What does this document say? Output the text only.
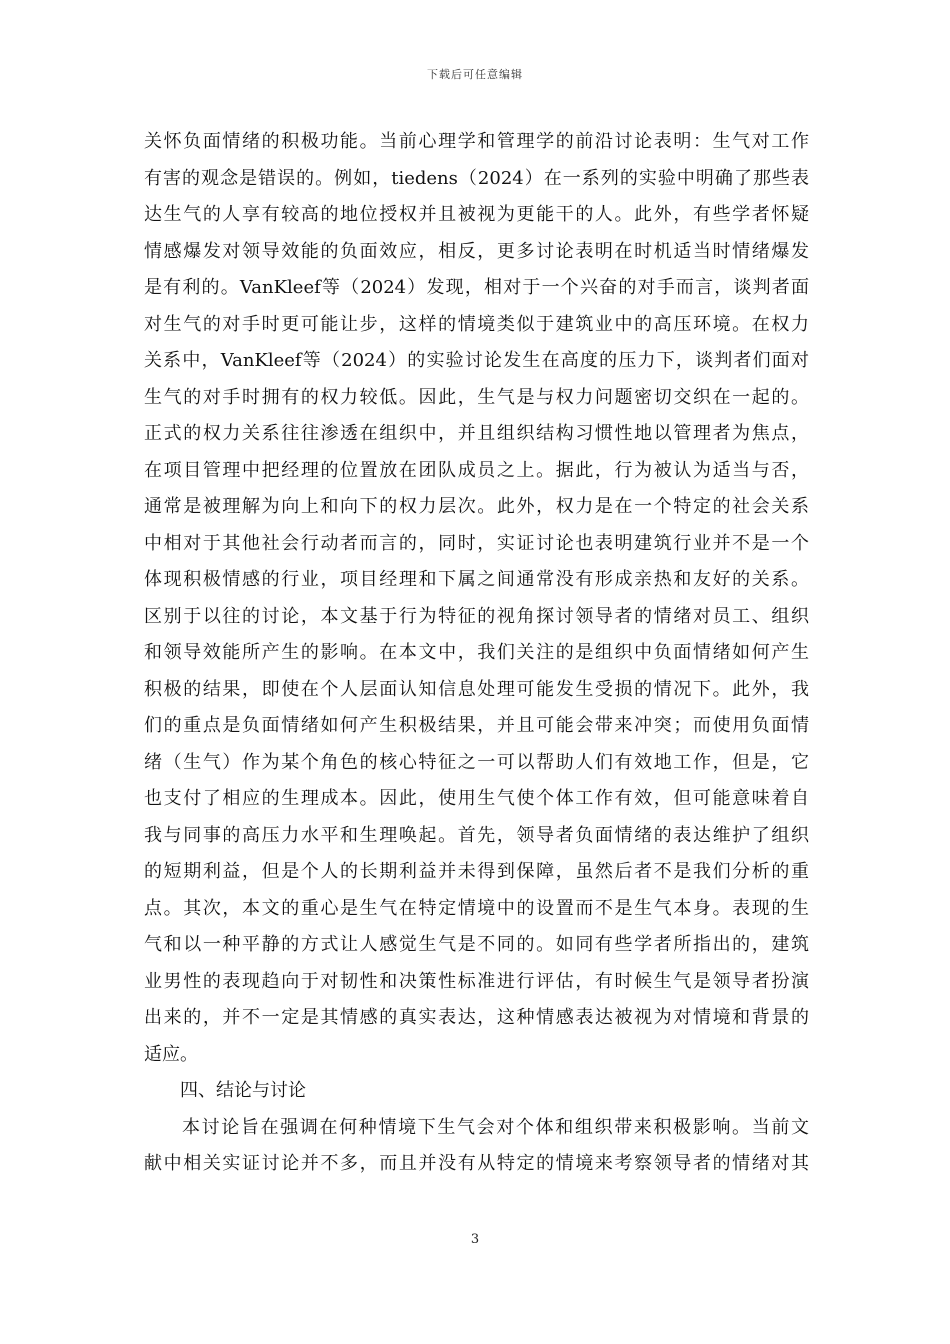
下载后可任意编辑
关怀负面情绪的积极功能。当前心理学和管理学的前沿讨论表明：生气对工作
有害的观念是错误的。例如，tiedens（2024）在一系列的实验中明确了那些表
达生气的人享有较高的地位授权并且被视为更能干的人。此外，有些学者怀疑
情感爆发对领导效能的负面效应，相反，更多讨论表明在时机适当时情绪爆发
是有利的。VanKleef等（2024）发现，相对于一个兴奋的对手而言，谈判者面
对生气的对手时更可能让步，这样的情境类似于建筑业中的高压环境。在权力
关系中，VanKleef等（2024）的实验讨论发生在高度的压力下，谈判者们面对
生气的对手时拥有的权力较低。因此，生气是与权力问题密切交织在一起的。
正式的权力关系往往渗透在组织中，并且组织结构习惯性地以管理者为焦点，
在项目管理中把经理的位置放在团队成员之上。据此，行为被认为适当与否，
通常是被理解为向上和向下的权力层次。此外，权力是在一个特定的社会关系
中相对于其他社会行动者而言的，同时，实证讨论也表明建筑行业并不是一个
体现积极情感的行业，项目经理和下属之间通常没有形成亲热和友好的关系。
区别于以往的讨论，本文基于行为特征的视角探讨领导者的情绪对员工、组织
和领导效能所产生的影响。在本文中，我们关注的是组织中负面情绪如何产生
积极的结果，即使在个人层面认知信息处理可能发生受损的情况下。此外，我
们的重点是负面情绪如何产生积极结果，并且可能会带来冲突；而使用负面情
绪（生气）作为某个角色的核心特征之一可以帮助人们有效地工作，但是，它
也支付了相应的生理成本。因此，使用生气使个体工作有效，但可能意味着自
我与同事的高压力水平和生理唤起。首先，领导者负面情绪的表达维护了组织
的短期利益，但是个人的长期利益并未得到保障，虽然后者不是我们分析的重
点。其次，本文的重心是生气在特定情境中的设置而不是生气本身。表现的生
气和以一种平静的方式让人感觉生气是不同的。如同有些学者所指出的，建筑
业男性的表现趋向于对韧性和决策性标准进行评估，有时候生气是领导者扮演
出来的，并不一定是其情感的真实表达，这种情感表达被视为对情境和背景的
适应。
四、结论与讨论
本讨论旨在强调在何种情境下生气会对个体和组织带来积极影响。当前文
献中相关实证讨论并不多，而且并没有从特定的情境来考察领导者的情绪对其
3
